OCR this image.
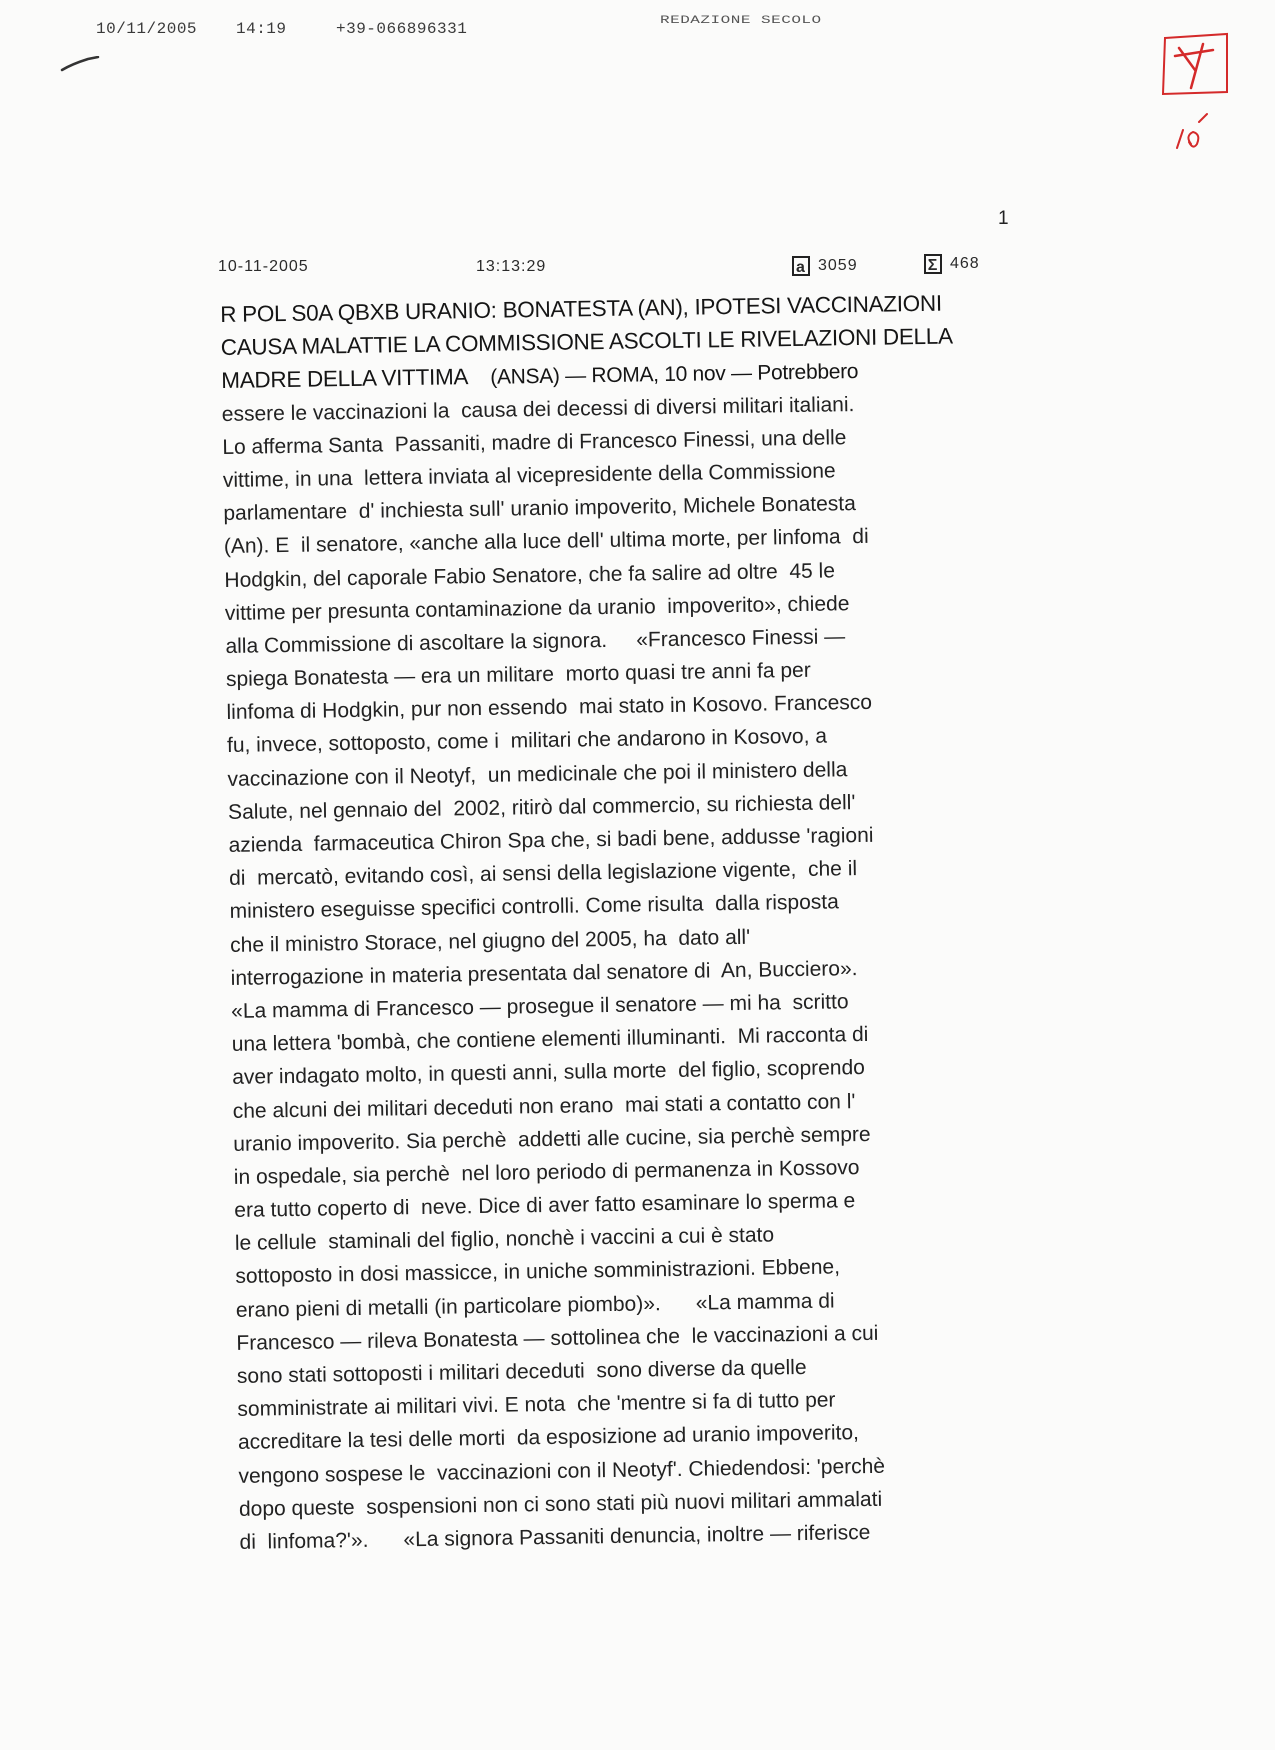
10/11/2005 14:19	+39-066896331	REDAZIONE SECOLO
1
10-11-2005	13:13:29	a 3059	Σ 468
R POL S0A QBXB URANIO: BONATESTA (AN), IPOTESI VACCINAZIONI
CAUSA MALATTIE LA COMMISSIONE ASCOLTI LE RIVELAZIONI DELLA
MADRE DELLA VITTIMA    (ANSA) — ROMA, 10 nov — Potrebbero
essere le vaccinazioni la  causa dei decessi di diversi militari italiani.
Lo afferma Santa  Passaniti, madre di Francesco Finessi, una delle
vittime, in una  lettera inviata al vicepresidente della Commissione
parlamentare  d' inchiesta sull' uranio impoverito, Michele Bonatesta
(An). E  il senatore, «anche alla luce dell' ultima morte, per linfoma  di
Hodgkin, del caporale Fabio Senatore, che fa salire ad oltre  45 le
vittime per presunta contaminazione da uranio  impoverito», chiede
alla Commissione di ascoltare la signora.     «Francesco Finessi —
spiega Bonatesta — era un militare  morto quasi tre anni fa per
linfoma di Hodgkin, pur non essendo  mai stato in Kosovo. Francesco
fu, invece, sottoposto, come i  militari che andarono in Kosovo, a
vaccinazione con il Neotyf,  un medicinale che poi il ministero della
Salute, nel gennaio del  2002, ritirò dal commercio, su richiesta dell'
azienda  farmaceutica Chiron Spa che, si badi bene, addusse 'ragioni
di  mercatò, evitando così, ai sensi della legislazione vigente,  che il
ministero eseguisse specifici controlli. Come risulta  dalla risposta
che il ministro Storace, nel giugno del 2005, ha  dato all'
interrogazione in materia presentata dal senatore di  An, Bucciero».
«La mamma di Francesco — prosegue il senatore — mi ha  scritto
una lettera 'bombà, che contiene elementi illuminanti.  Mi racconta di
aver indagato molto, in questi anni, sulla morte  del figlio, scoprendo
che alcuni dei militari deceduti non erano  mai stati a contatto con l'
uranio impoverito. Sia perchè  addetti alle cucine, sia perchè sempre
in ospedale, sia perchè  nel loro periodo di permanenza in Kossovo
era tutto coperto di  neve. Dice di aver fatto esaminare lo sperma e
le cellule  staminali del figlio, nonchè i vaccini a cui è stato
sottoposto in dosi massicce, in uniche somministrazioni. Ebbene,
erano pieni di metalli (in particolare piombo)».      «La mamma di
Francesco — rileva Bonatesta — sottolinea che  le vaccinazioni a cui
sono stati sottoposti i militari deceduti  sono diverse da quelle
somministrate ai militari vivi. E nota  che 'mentre si fa di tutto per
accreditare la tesi delle morti  da esposizione ad uranio impoverito,
vengono sospese le  vaccinazioni con il Neotyf'. Chiedendosi: 'perchè
dopo queste  sospensioni non ci sono stati più nuovi militari ammalati
di  linfoma?'».      «La signora Passaniti denuncia, inoltre — riferisce
